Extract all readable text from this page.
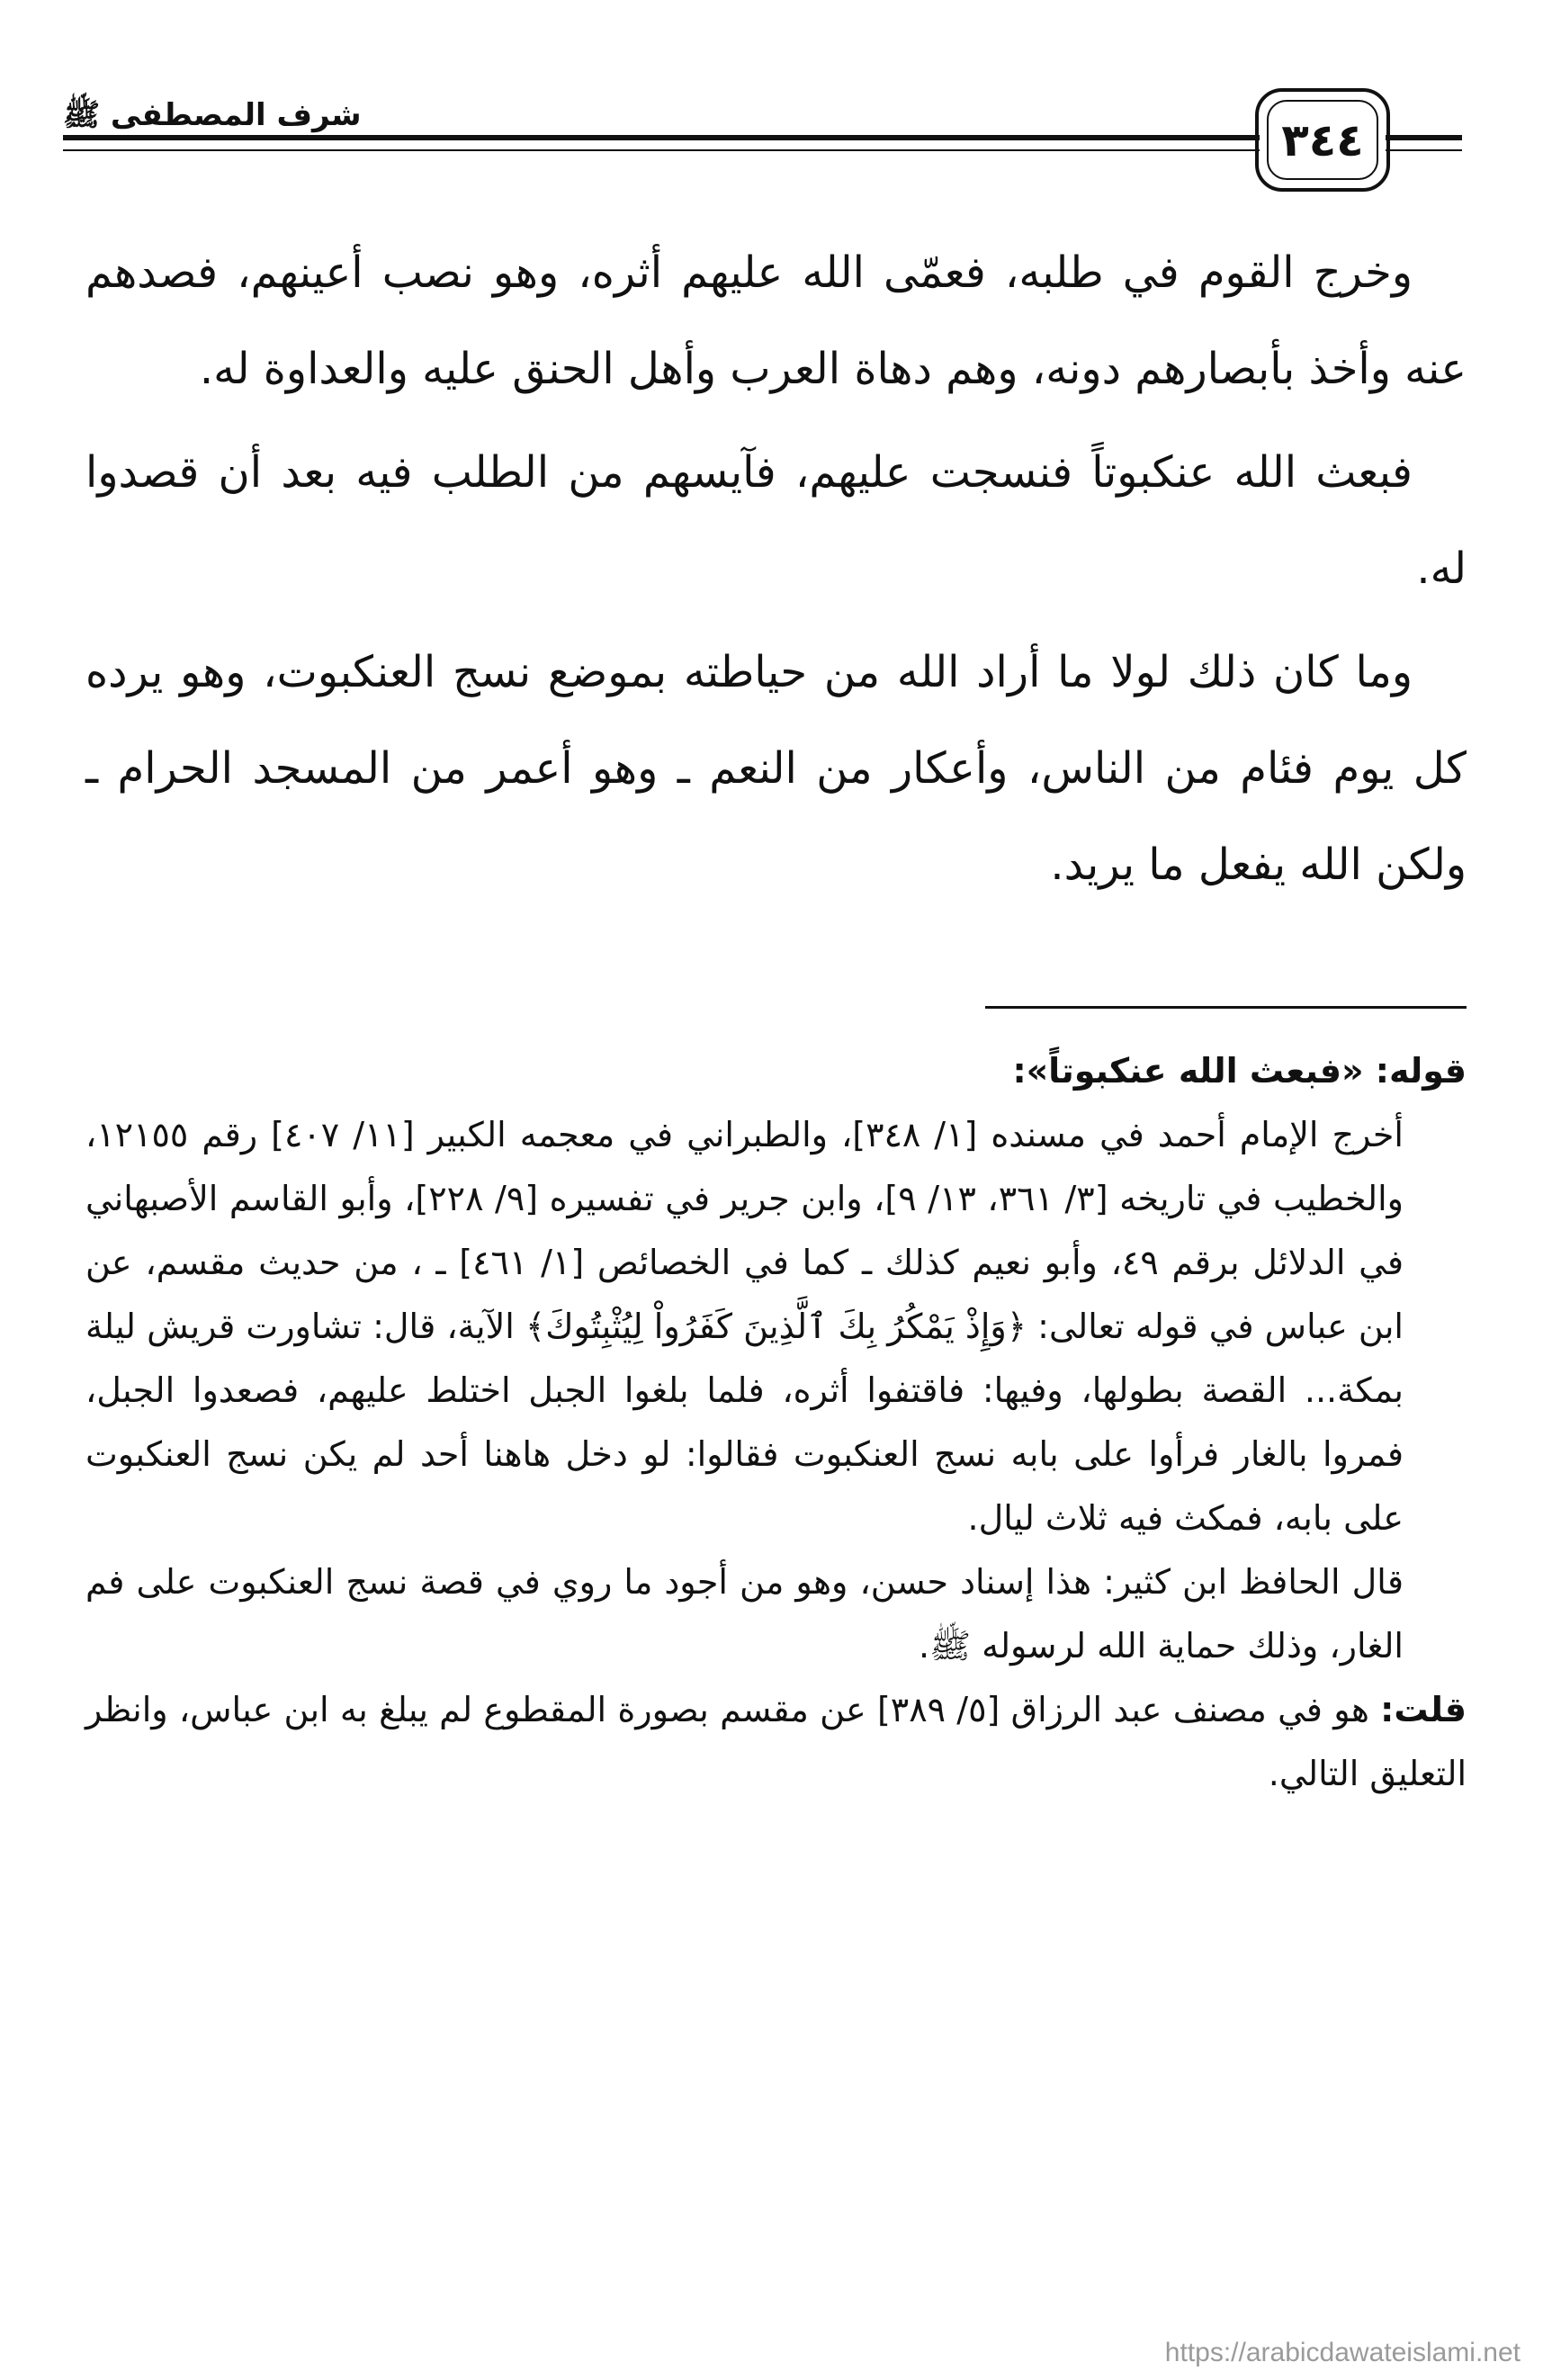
شرف المصطفى ﷺ	٣٤٤

وخرج القوم في طلبه، فعمّى الله عليهم أثره، وهو نصب أعينهم، فصدهم عنه وأخذ بأبصارهم دونه، وهم دهاة العرب وأهل الحنق عليه والعداوة له.

فبعث الله عنكبوتاً فنسجت عليهم، فآيسهم من الطلب فيه بعد أن قصدوا له.

وما كان ذلك لولا ما أراد الله من حياطته بموضع نسج العنكبوت، وهو يرده كل يوم فئام من الناس، وأعكار من النعم ـ وهو أعمر من المسجد الحرام ـ ولكن الله يفعل ما يريد.

قوله: «فبعث الله عنكبوتاً»:

أخرج الإمام أحمد في مسنده [١/ ٣٤٨]، والطبراني في معجمه الكبير [١١/ ٤٠٧] رقم ١٢١٥٥، والخطيب في تاريخه [٣/ ٣٦١، ١٣/ ٩]، وابن جرير في تفسيره [٩/ ٢٢٨]، وأبو القاسم الأصبهاني في الدلائل برقم ٤٩، وأبو نعيم كذلك ـ كما في الخصائص [١/ ٤٦١] ـ ، من حديث مقسم، عن ابن عباس في قوله تعالى: ﴿وَإِذْ يَمْكُرُ بِكَ ٱلَّذِينَ كَفَرُواْ لِيُثْبِتُوكَ﴾ الآية، قال: تشاورت قريش ليلة بمكة... القصة بطولها، وفيها: فاقتفوا أثره، فلما بلغوا الجبل اختلط عليهم، فصعدوا الجبل، فمروا بالغار فرأوا على بابه نسج العنكبوت فقالوا: لو دخل هاهنا أحد لم يكن نسج العنكبوت على بابه، فمكث فيه ثلاث ليال.

قال الحافظ ابن كثير: هذا إسناد حسن، وهو من أجود ما روي في قصة نسج العنكبوت على فم الغار، وذلك حماية الله لرسوله ﷺ.

قلت: هو في مصنف عبد الرزاق [٥/ ٣٨٩] عن مقسم بصورة المقطوع لم يبلغ به ابن عباس، وانظر التعليق التالي.

https://arabicdawateislami.net
